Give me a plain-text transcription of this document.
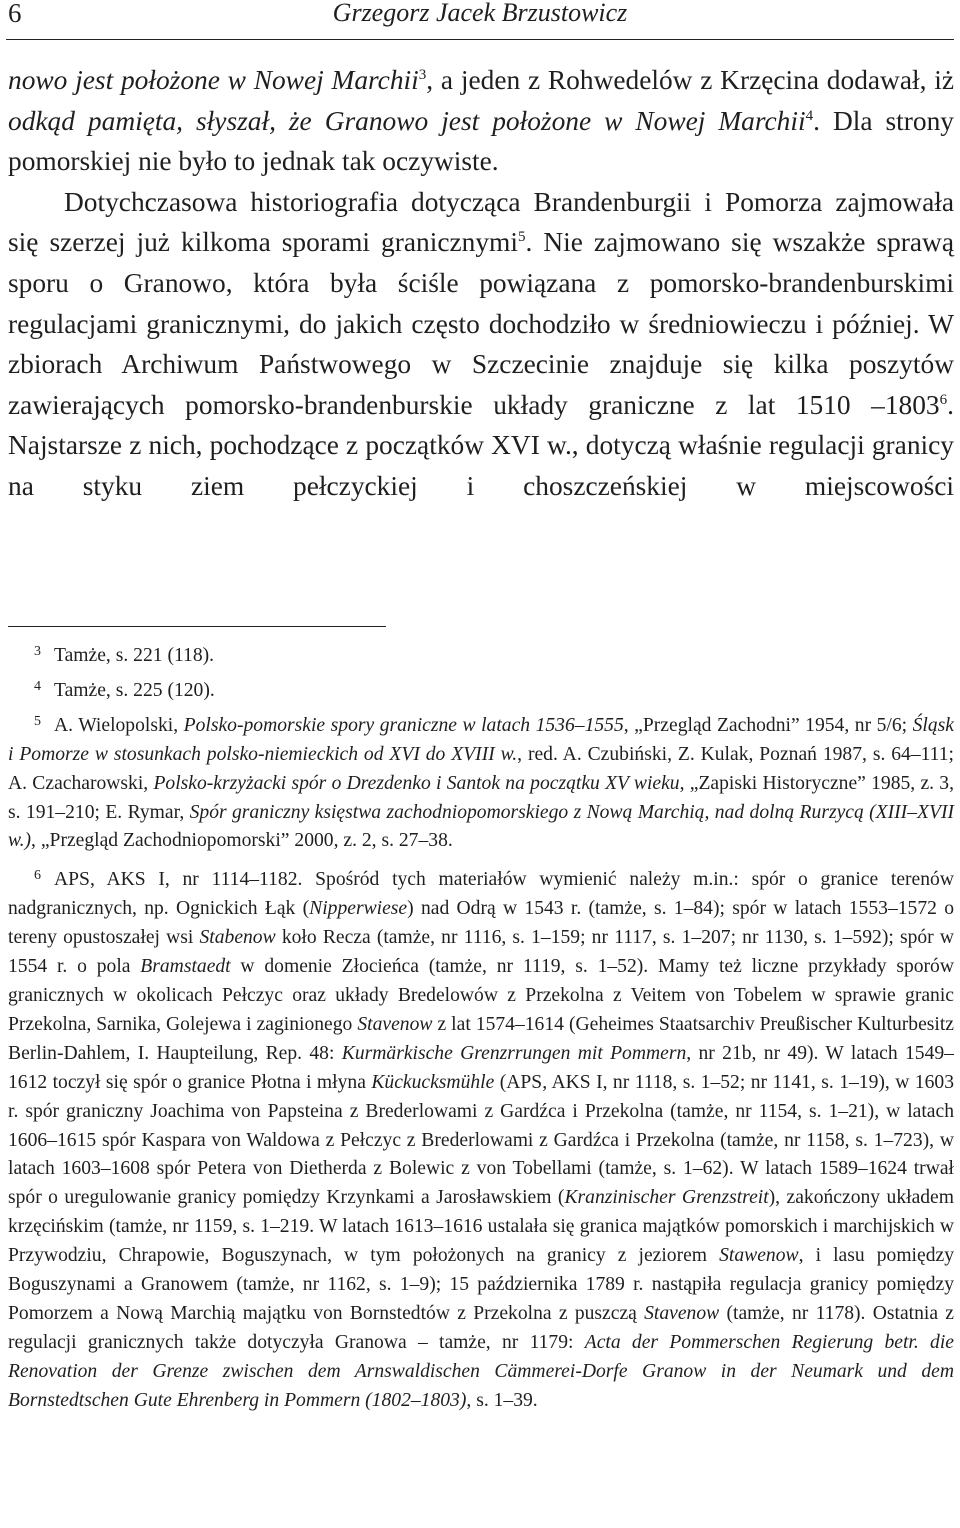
6	Grzegorz Jacek Brzustowicz

nowo jest położone w Nowej Marchii$^3$, a jeden z Rohwedelów z Krzęcina dodawał, iż odkąd pamięta, słyszał, że Granowo jest położone w Nowej Marchii$^4$. Dla strony pomorskiej nie było to jednak tak oczywiste.

Dotychczasowa historiografia dotycząca Brandenburgii i Pomorza zajmowała się szerzej już kilkoma sporami granicznymi$^5$. Nie zajmowano się wszakże sprawą sporu o Granowo, która była ściśle powiązana z pomorsko-brandenburskimi regulacjami granicznymi, do jakich często dochodziło w średniowieczu i później. W zbiorach Archiwum Państwowego w Szczecinie znajduje się kilka poszytów zawierających pomorsko-brandenburskie układy graniczne z lat 1510 –1803$^6$. Najstarsze z nich, pochodzące z początków XVI w., dotyczą właśnie regulacji granicy na styku ziem pełczyckiej i choszczeńskiej w miejscowości

3 Tamże, s. 221 (118).

4 Tamże, s. 225 (120).

5 A. Wielopolski, Polsko-pomorskie spory graniczne w latach 1536–1555, „Przegląd Zachodni” 1954, nr 5/6; Śląsk i Pomorze w stosunkach polsko-niemieckich od XVI do XVIII w., red. A. Czubiński, Z. Kulak, Poznań 1987, s. 64–111; A. Czacharowski, Polsko-krzyżacki spór o Drezdenko i Santok na początku XV wieku, „Zapiski Historyczne” 1985, z. 3, s. 191–210; E. Rymar, Spór graniczny księstwa zachodniopomorskiego z Nową Marchią, nad dolną Rurzycą (XIII–XVII w.), „Przegląd Zachodniopomorski” 2000, z. 2, s. 27–38.

6 APS, AKS I, nr 1114–1182. Spośród tych materiałów wymienić należy m.in.: spór o granice terenów nadgranicznych, np. Ognickich Łąk (Nipperwiese) nad Odrą w 1543 r. (tamże, s. 1–84); spór w latach 1553–1572 o tereny opustoszałej wsi Stabenow koło Recza (tamże, nr 1116, s. 1–159; nr 1117, s. 1–207; nr 1130, s. 1–592); spór w 1554 r. o pola Bramstaedt w domenie Złocieńca (tamże, nr 1119, s. 1–52). Mamy też liczne przykłady sporów granicznych w okolicach Pełczyc oraz układy Bredelowów z Przekolna z Veitem von Tobelem w sprawie granic Przekolna, Sarnika, Golejewa i zaginionego Stavenow z lat 1574–1614 (Geheimes Staatsarchiv Preußischer Kulturbesitz Berlin-Dahlem, I. Haupteilung, Rep. 48: Kurmärkische Grenzrrungen mit Pommern, nr 21b, nr 49). W latach 1549–1612 toczył się spór o granice Płotna i młyna Kückucksmühle (APS, AKS I, nr 1118, s. 1–52; nr 1141, s. 1–19), w 1603 r. spór graniczny Joachima von Papsteina z Brederlowami z Gardźca i Przekolna (tamże, nr 1154, s. 1–21), w latach 1606–1615 spór Kaspara von Waldowa z Pełczyc z Brederlowami z Gardźca i Przekolna (tamże, nr 1158, s. 1–723), w latach 1603–1608 spór Petera von Dietherda z Bolewic z von Tobellami (tamże, s. 1–62). W latach 1589–1624 trwał spór o uregulowanie granicy pomiędzy Krzynkami a Jarosławskiem (Kranzinischer Grenzstreit), zakończony układem krzęcińskim (tamże, nr 1159, s. 1–219. W latach 1613–1616 ustalała się granica majątków pomorskich i marchijskich w Przywodziu, Chrapowie, Boguszynach, w tym położonych na granicy z jeziorem Stawenow, i lasu pomiędzy Boguszynami a Granowem (tamże, nr 1162, s. 1–9); 15 października 1789 r. nastąpiła regulacja granicy pomiędzy Pomorzem a Nową Marchią majątku von Bornstedtów z Przekolna z puszczą Stavenow (tamże, nr 1178). Ostatnia z regulacji granicznych także dotyczyła Granowa – tamże, nr 1179: Acta der Pommerschen Regierung betr. die Renovation der Grenze zwischen dem Arnswaldischen Cämmerei-Dorfe Granow in der Neumark und dem Bornstedtschen Gute Ehrenberg in Pommern (1802–1803), s. 1–39.
